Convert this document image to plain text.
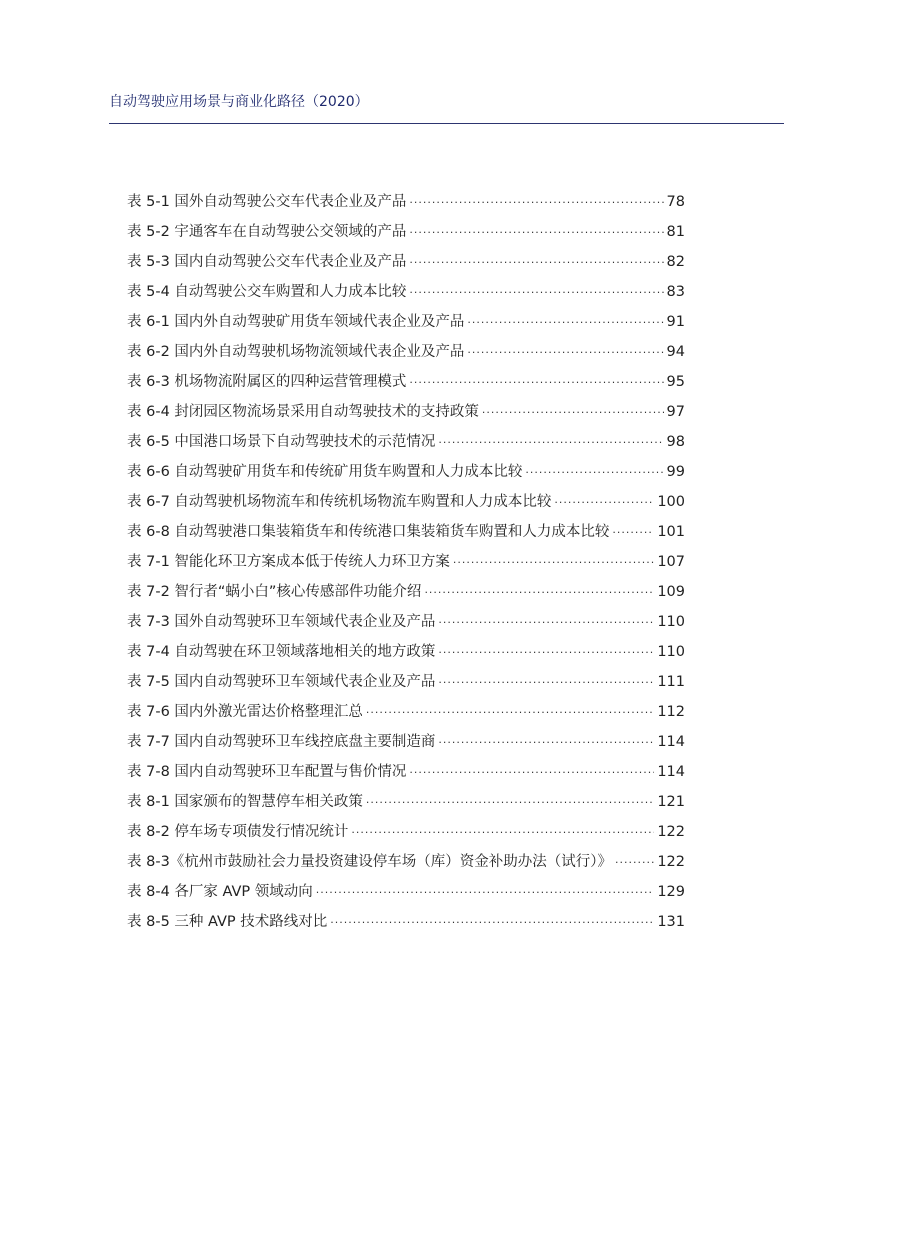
自动驾驶应用场景与商业化路径（2020）
表 5-1 国外自动驾驶公交车代表企业及产品 ·····	78
表 5-2 宇通客车在自动驾驶公交领域的产品 ·····	81
表 5-3 国内自动驾驶公交车代表企业及产品 ·····	82
表 5-4 自动驾驶公交车购置和人力成本比较 ·····	83
表 6-1 国内外自动驾驶矿用货车领域代表企业及产品 ·····	91
表 6-2 国内外自动驾驶机场物流领域代表企业及产品 ·····	94
表 6-3 机场物流附属区的四种运营管理模式 ·····	95
表 6-4 封闭园区物流场景采用自动驾驶技术的支持政策 ·····	97
表 6-5 中国港口场景下自动驾驶技术的示范情况 ·····	98
表 6-6 自动驾驶矿用货车和传统矿用货车购置和人力成本比较 ·····	99
表 6-7 自动驾驶机场物流车和传统机场物流车购置和人力成本比较 ·····	100
表 6-8 自动驾驶港口集装箱货车和传统港口集装箱货车购置和人力成本比较 ·····	101
表 7-1 智能化环卫方案成本低于传统人力环卫方案 ·····	107
表 7-2 智行者“蜗小白”核心传感部件功能介绍 ·····	109
表 7-3 国外自动驾驶环卫车领域代表企业及产品 ·····	110
表 7-4 自动驾驶在环卫领域落地相关的地方政策 ·····	110
表 7-5 国内自动驾驶环卫车领域代表企业及产品 ·····	111
表 7-6 国内外激光雷达价格整理汇总 ·····	112
表 7-7 国内自动驾驶环卫车线控底盘主要制造商 ·····	114
表 7-8 国内自动驾驶环卫车配置与售价情况 ·····	114
表 8-1 国家颁布的智慧停车相关政策 ·····	121
表 8-2 停车场专项债发行情况统计 ·····	122
表 8-3《杭州市鼓励社会力量投资建设停车场（库）资金补助办法（试行）》 ·····	122
表 8-4 各厂家 AVP 领域动向 ·····	129
表 8-5 三种 AVP 技术路线对比 ·····	131
